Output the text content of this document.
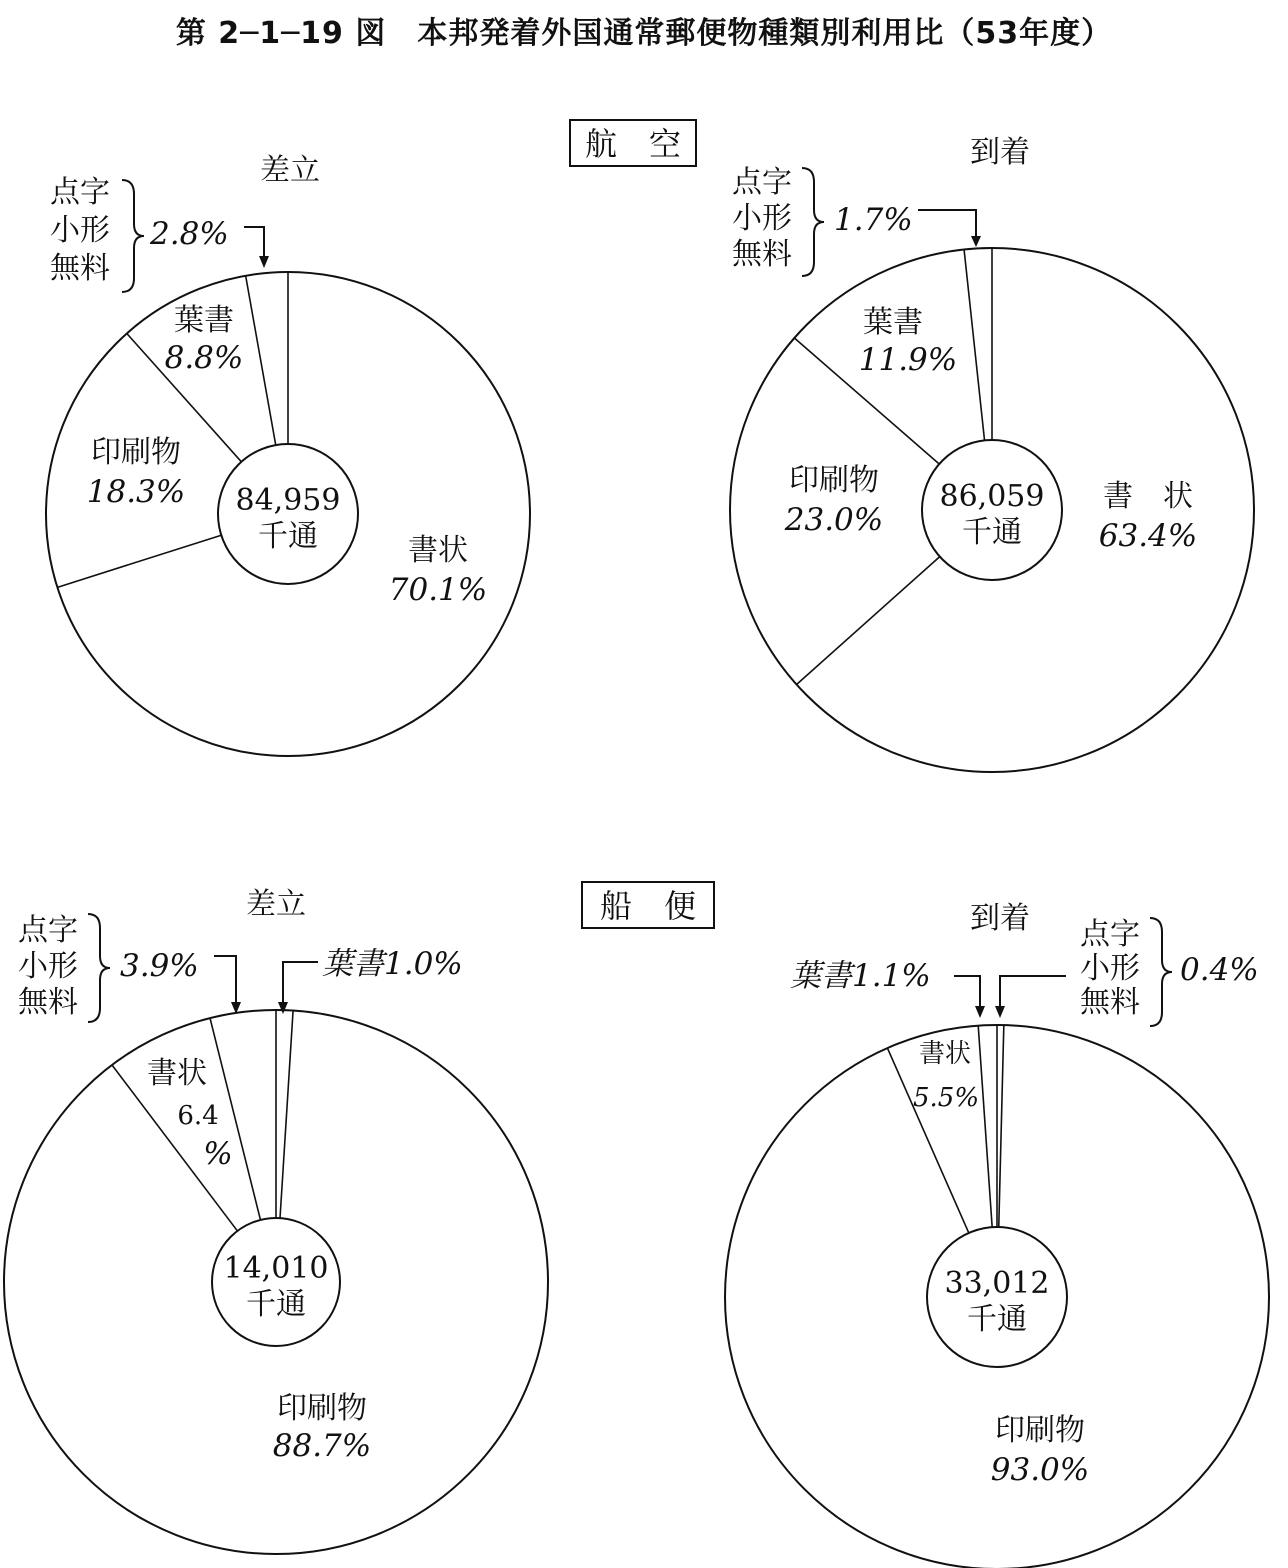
第 2─1─19 図　本邦発着外国通常郵便物種類別利用比（53年度）
航　空
船　便
差立
到着
差立	到着
84,959
千通
86,059
千通
14,010
千通
33,012
千通
書状
70.1%
印刷物
18.3%
葉書
8.8%
点字
小形
無料
2.8%
書　状
63.4%
印刷物
23.0%
葉書
11.9%
点字
小形
無料
1.7%
印刷物
88.7%
書状
6.4
%
点字
小形
無料
3.9%	葉書1.0%
印刷物
93.0%
書状
5.5%
葉書1.1%
点字
小形
無料
0.4%
